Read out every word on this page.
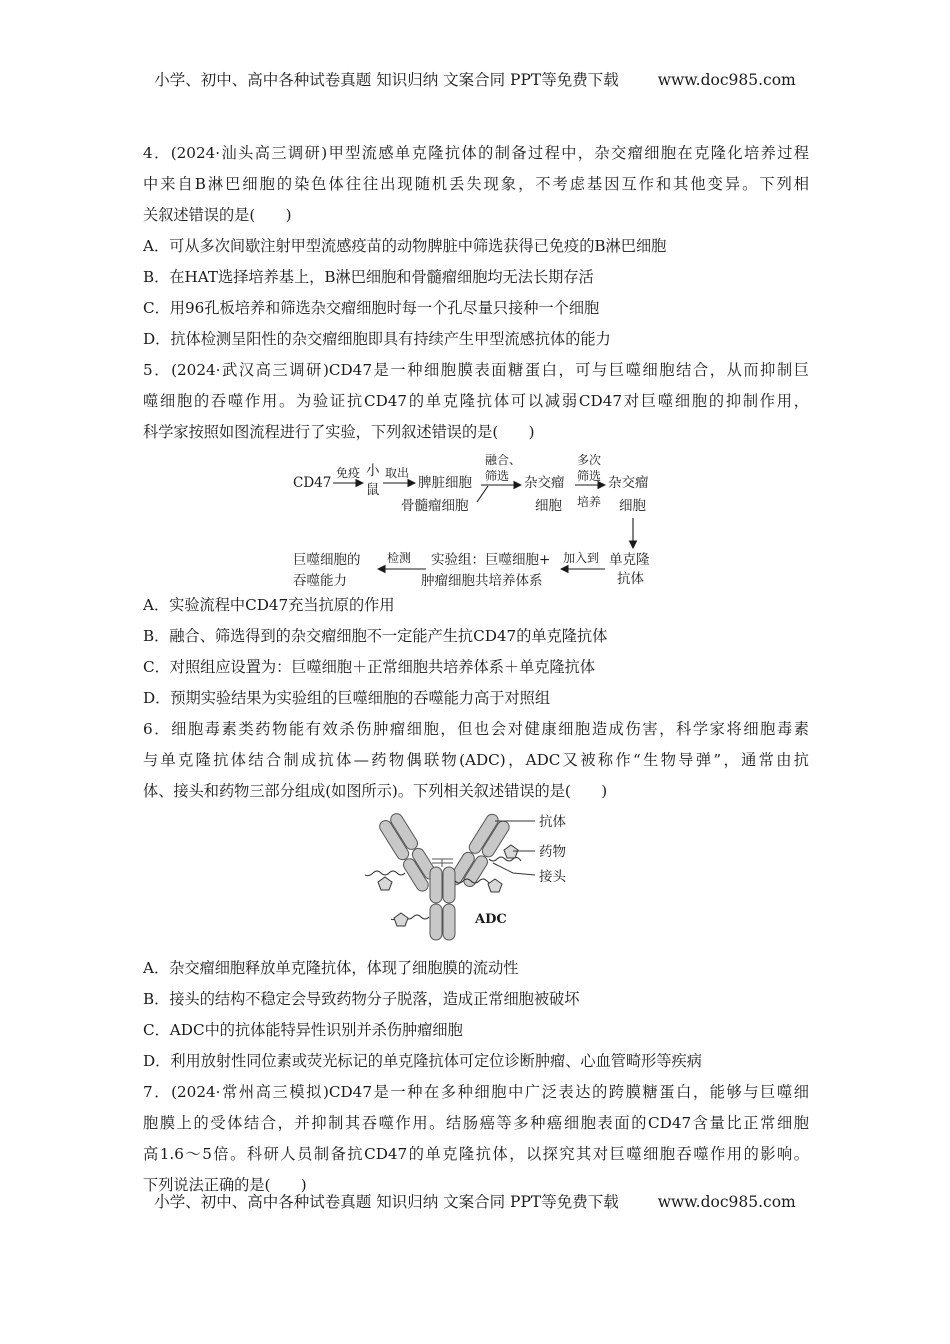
小学、初中、高中各种试卷真题 知识归纳 文案合同 PPT等免费下载	www.doc985.com
4．(2024·汕头高三调研)甲型流感单克隆抗体的制备过程中，杂交瘤细胞在克隆化培养过程
中来自B淋巴细胞的染色体往往出现随机丢失现象，不考虑基因互作和其他变异。下列相
关叙述错误的是(　　)
A．可从多次间歇注射甲型流感疫苗的动物脾脏中筛选获得已免疫的B淋巴细胞
B．在HAT选择培养基上，B淋巴细胞和骨髓瘤细胞均无法长期存活
C．用96孔板培养和筛选杂交瘤细胞时每一个孔尽量只接种一个细胞
D．抗体检测呈阳性的杂交瘤细胞即具有持续产生甲型流感抗体的能力
5．(2024·武汉高三调研)CD47是一种细胞膜表面糖蛋白，可与巨噬细胞结合，从而抑制巨
噬细胞的吞噬作用。为验证抗CD47的单克隆抗体可以减弱CD47对巨噬细胞的抑制作用，
科学家按照如图流程进行了实验，下列叙述错误的是(　　)
CD47
免疫 小
鼠
取出
脾脏细胞
骨髓瘤细胞
融合、
筛选 杂交瘤
细胞
多次
筛选
培养
杂交瘤
细胞
单克隆
抗体
加入到
实验组：巨噬细胞+
肿瘤细胞共培养体系
检测
巨噬细胞的
吞噬能力
A．实验流程中CD47充当抗原的作用
B．融合、筛选得到的杂交瘤细胞不一定能产生抗CD47的单克隆抗体
C．对照组应设置为：巨噬细胞＋正常细胞共培养体系＋单克隆抗体
D．预期实验结果为实验组的巨噬细胞的吞噬能力高于对照组
6．细胞毒素类药物能有效杀伤肿瘤细胞，但也会对健康细胞造成伤害，科学家将细胞毒素
与单克隆抗体结合制成抗体—药物偶联物(ADC)，ADC又被称作“生物导弹”，通常由抗
体、接头和药物三部分组成(如图所示)。下列相关叙述错误的是(　　)
抗体
药物
接头
ADC
A．杂交瘤细胞释放单克隆抗体，体现了细胞膜的流动性
B．接头的结构不稳定会导致药物分子脱落，造成正常细胞被破坏
C．ADC中的抗体能特异性识别并杀伤肿瘤细胞
D．利用放射性同位素或荧光标记的单克隆抗体可定位诊断肿瘤、心血管畸形等疾病
7．(2024·常州高三模拟)CD47是一种在多种细胞中广泛表达的跨膜糖蛋白，能够与巨噬细
胞膜上的受体结合，并抑制其吞噬作用。结肠癌等多种癌细胞表面的CD47含量比正常细胞
高1.6～5倍。科研人员制备抗CD47的单克隆抗体，以探究其对巨噬细胞吞噬作用的影响。
下列说法正确的是(　　)
小学、初中、高中各种试卷真题 知识归纳 文案合同 PPT等免费下载	www.doc985.com
